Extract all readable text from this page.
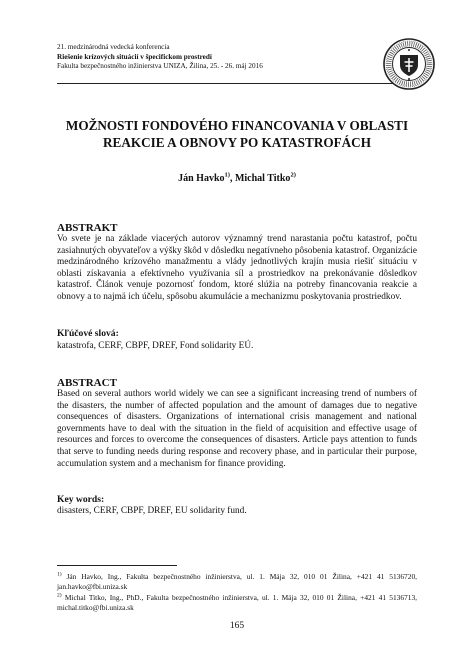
21. medzinárodná vedecká konferencia
Riešenie krízových situácií v špecifickom prostredí
Fakulta bezpečnostného inžinierstva UNIZA, Žilina, 25. - 26. máj 2016
MOŽNOSTI FONDOVÉHO FINANCOVANIA V OBLASTI
REAKCIE A OBNOVY PO KATASTROFÁCH
Ján Havko$^{1)}$, Michal Titko$^{2)}$
ABSTRAKT
Vo svete je na základe viacerých autorov významný trend narastania počtu katastrof, počtu zasiahnutých obyvateľov a výšky škôd v dôsledku negatívneho pôsobenia katastrof. Organizácie medzinárodného krízového manažmentu a vlády jednotlivých krajín musia riešiť situáciu v oblasti získavania a efektívneho využívania síl a prostriedkov na prekonávanie dôsledkov katastrof. Článok venuje pozornosť fondom, ktoré slúžia na potreby financovania reakcie a obnovy a to najmä ich účelu, spôsobu akumulácie a mechanizmu poskytovania prostriedkov.
Kľúčové slová:
katastrofa, CERF, CBPF, DREF, Fond solidarity EÚ.
ABSTRACT
Based on several authors world widely we can see a significant increasing trend of numbers of the disasters, the number of affected population and the amount of damages due to negative consequences of disasters. Organizations of international crisis management and national governments have to deal with the situation in the field of acquisition and effective usage of resources and forces to overcome the consequences of disasters. Article pays attention to funds that serve to funding needs during response and recovery phase, and in particular their purpose, accumulation system and a mechanism for finance providing.
Key words:
disasters, CERF, CBPF, DREF, EU solidarity fund.
$^{1)}$ Ján Havko, Ing., Fakulta bezpečnostného inžinierstva, ul. 1. Mája 32, 010 01 Žilina, +421 41 5136720, jan.havko@fbi.uniza.sk
$^{2)}$ Michal Titko, Ing., PhD., Fakulta bezpečnostného inžinierstva, ul. 1. Mája 32, 010 01 Žilina, +421 41 5136713, michal.titko@fbi.uniza.sk
165
